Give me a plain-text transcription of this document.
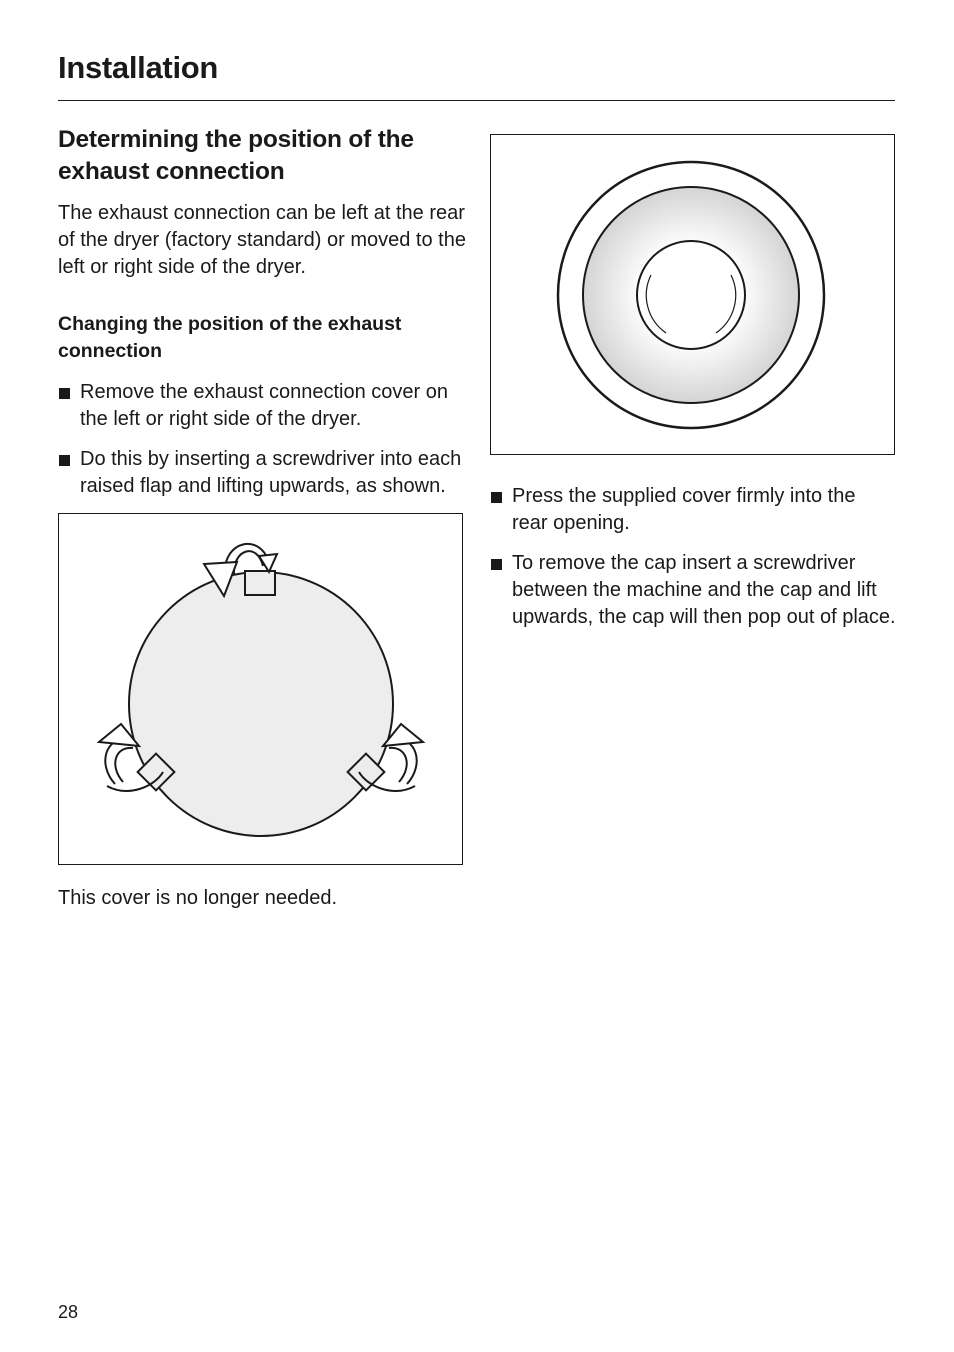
Installation
Determining the position of the exhaust connection

The exhaust connection can be left at the rear of the dryer (factory standard) or moved to the left or right side of the dryer.

Changing the position of the exhaust connection
Remove the exhaust connection cover on the left or right side of the dryer.
Do this by inserting a screwdriver into each raised flap and lifting upwards, as shown.

This cover is no longer needed.

Press the supplied cover firmly into the rear opening.
To remove the cap insert a screwdriver between the machine and the cap and lift upwards, the cap will then pop out of place.
28
